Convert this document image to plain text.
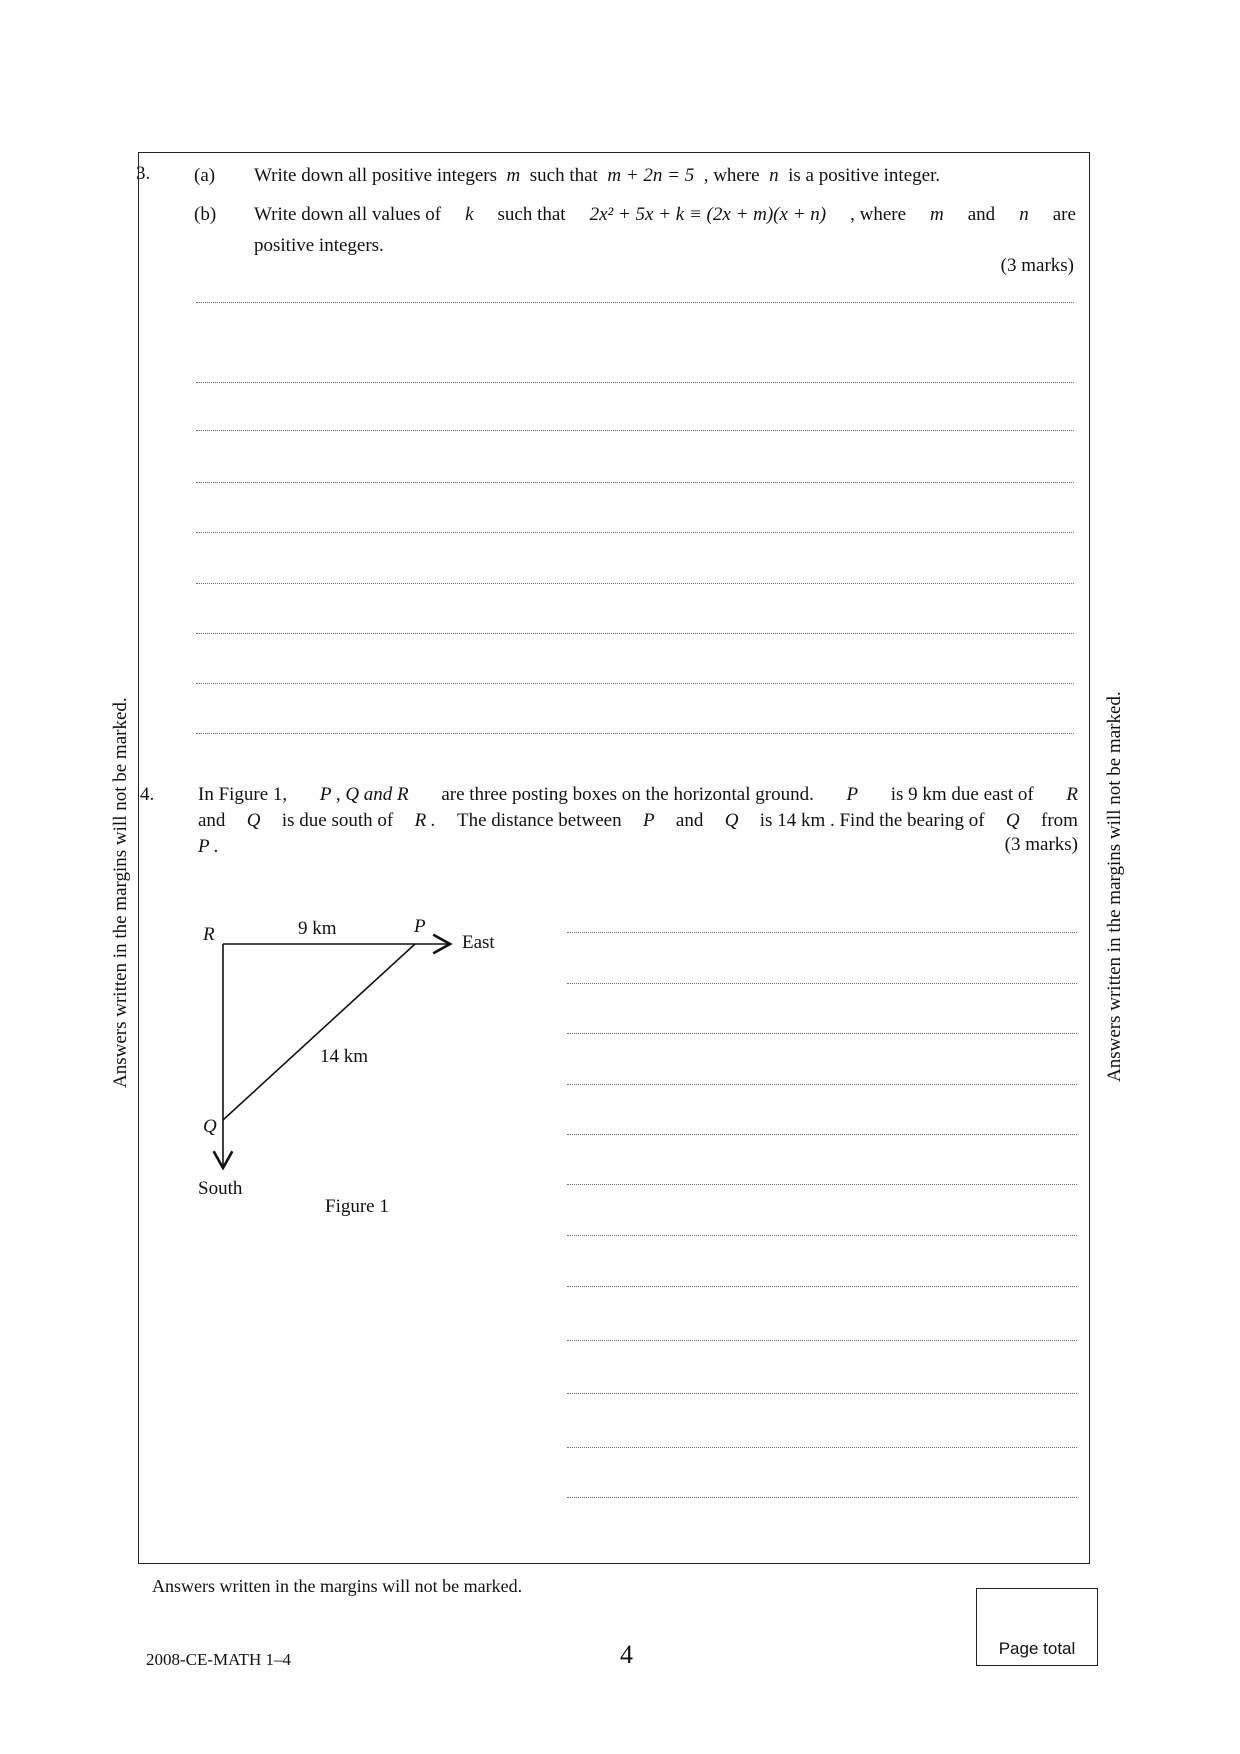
3. (a) Write down all positive integers m such that m + 2n = 5 , where n is a positive integer.
(b) Write down all values of k such that 2x² + 5x + k ≡ (2x + m)(x + n) , where m and n are
positive integers.
(3 marks)
4. In Figure 1, P , Q and R are three posting boxes on the horizontal ground. P is 9 km due east of R
and Q is due south of R . The distance between P and Q is 14 km . Find the bearing of Q from
P .	(3 marks)
R	P
East
9 km
14 km
Q
South
Figure 1
Answers written in the margins will not be marked.	Answers written in the margins will not be marked.
Answers written in the margins will not be marked.
2008-CE-MATH 1–4	4	Page total
